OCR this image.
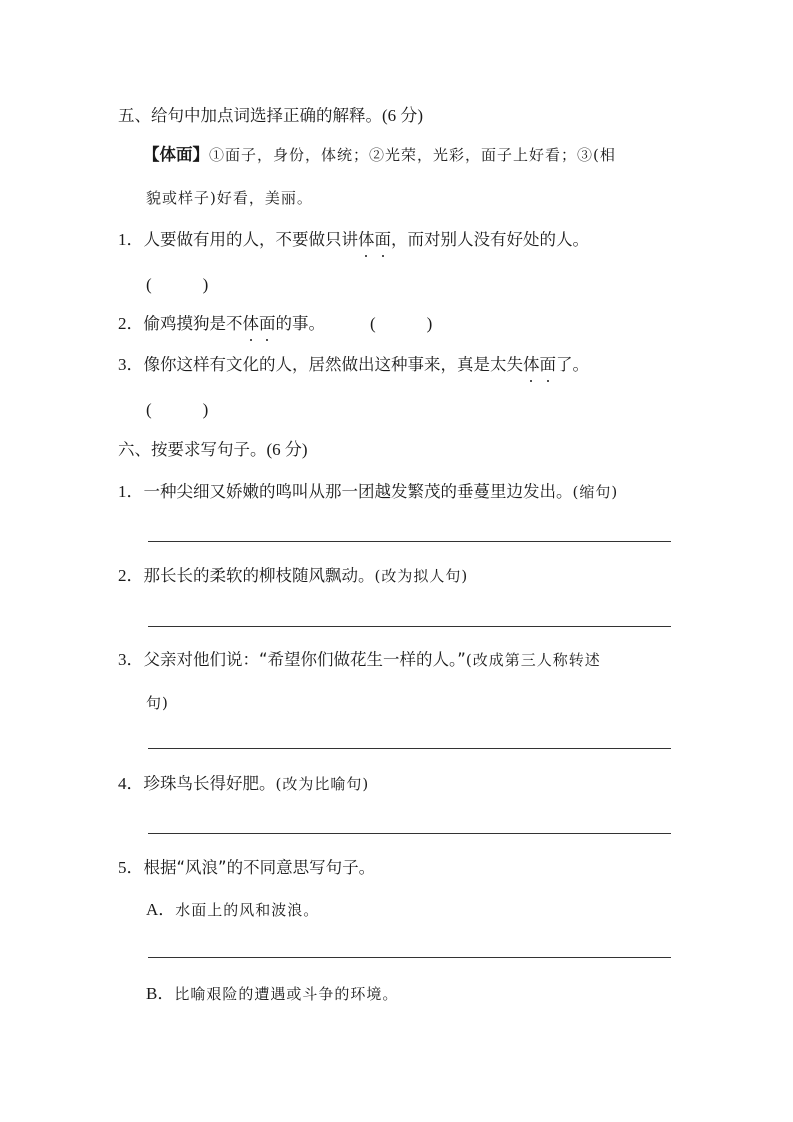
五、给句中加点词选择正确的解释。(6 分)
【体面】①面子，身份，体统；②光荣，光彩，面子上好看；③(相
貌或样子)好看，美丽。
1．人要做有用的人，不要做只讲体面，而对别人没有好处的人。
(　　　)
2．偷鸡摸狗是不体面的事。	(　　　)
3．像你这样有文化的人，居然做出这种事来，真是太失体面了。
(　　　)
六、按要求写句子。(6 分)
1．一种尖细又娇嫩的鸣叫从那一团越发繁茂的垂蔓里边发出。(缩句)
2．那长长的柔软的柳枝随风飘动。(改为拟人句)
3．父亲对他们说：“希望你们做花生一样的人。”(改成第三人称转述
句)
4．珍珠鸟长得好肥。(改为比喻句)
5．根据“风浪”的不同意思写句子。
A．水面上的风和波浪。
B．比喻艰险的遭遇或斗争的环境。
